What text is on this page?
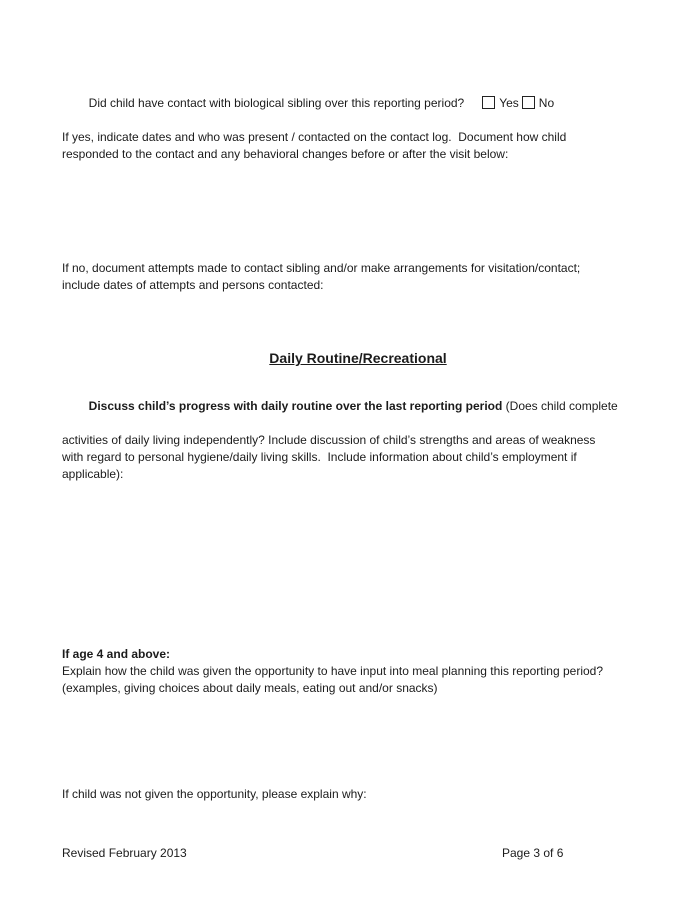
Did child have contact with biological sibling over this reporting period?	Yes No

If yes, indicate dates and who was present / contacted on the contact log.  Document how child
responded to the contact and any behavioral changes before or after the visit below:
If no, document attempts made to contact sibling and/or make arrangements for visitation/contact;
include dates of attempts and persons contacted:
Daily Routine/Recreational

Discuss child’s progress with daily routine over the last reporting period (Does child complete

activities of daily living independently? Include discussion of child’s strengths and areas of weakness
with regard to personal hygiene/daily living skills.  Include information about child’s employment if
applicable):
If age 4 and above:
Explain how the child was given the opportunity to have input into meal planning this reporting period?
(examples, giving choices about daily meals, eating out and/or snacks)
If child was not given the opportunity, please explain why:
Revised February 2013	Page 3 of 6
